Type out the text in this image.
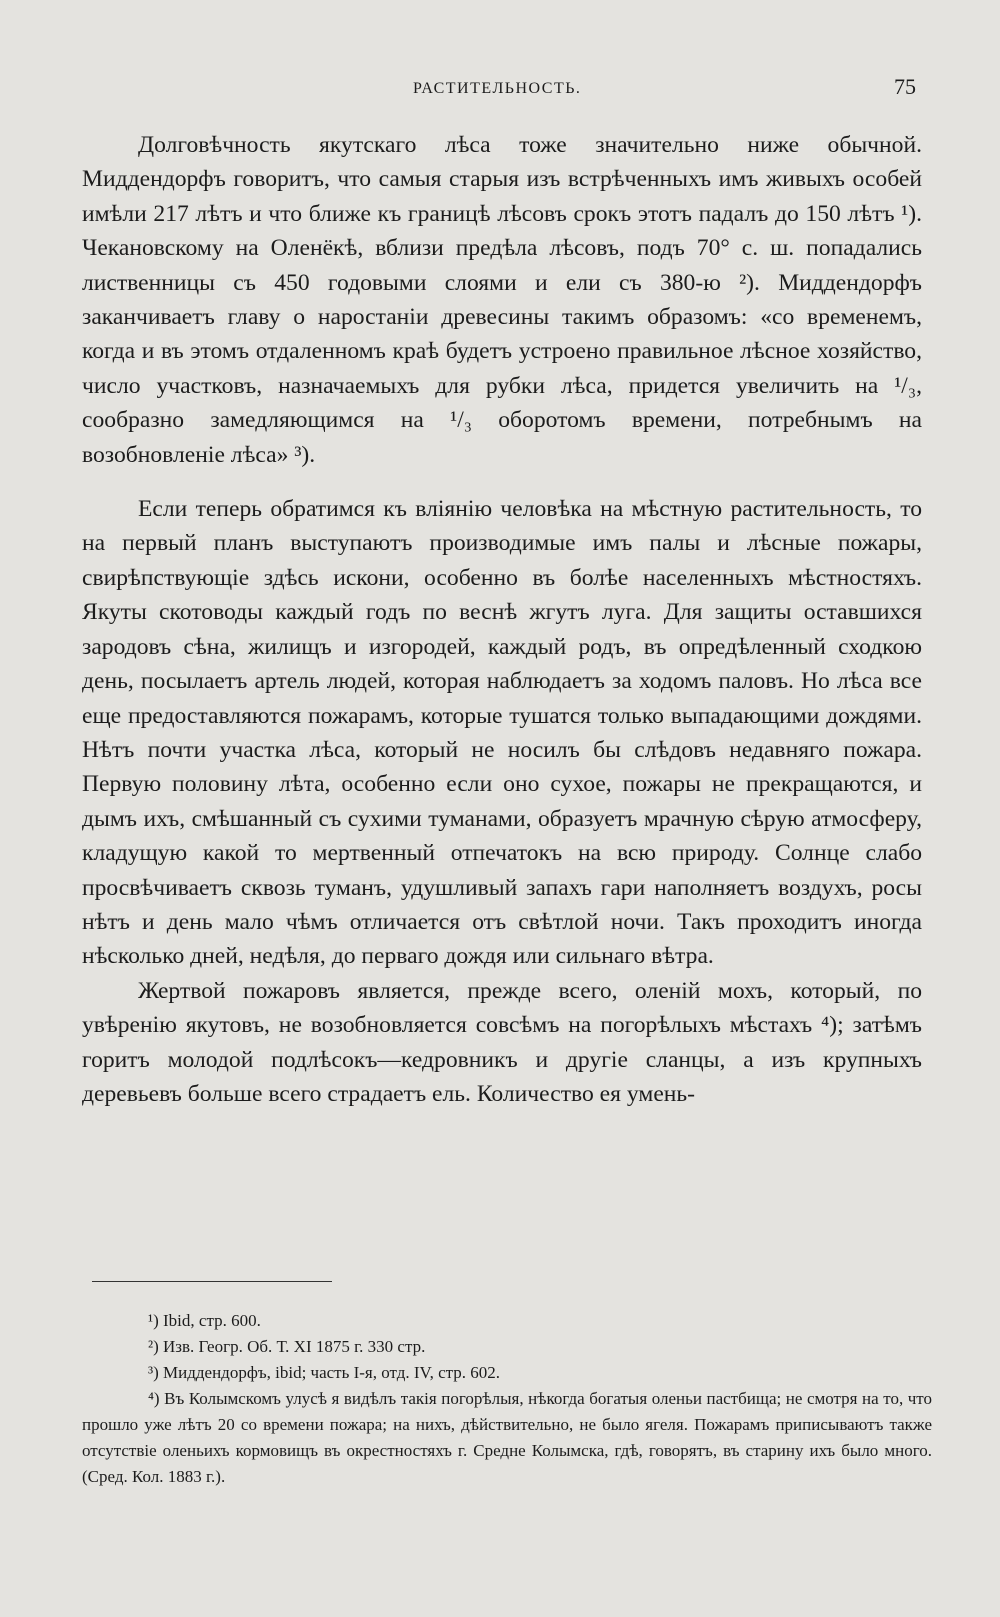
РАСТИТЕЛЬНОСТЬ.	75

Долговѣчность якутскаго лѣса тоже значительно ниже обычной. Миддендорфъ говоритъ, что самыя старыя изъ встрѣченныхъ имъ живыхъ особей имѣли 217 лѣтъ и что ближе къ границѣ лѣсовъ срокъ этотъ падалъ до 150 лѣтъ ¹). Чекановскому на Оленёкѣ, вблизи предѣла лѣсовъ, подъ 70° с. ш. попадались лиственницы съ 450 годовыми слоями и ели съ 380-ю ²). Миддендорфъ заканчиваетъ главу о наростаніи древесины такимъ образомъ: «со временемъ, когда и въ этомъ отдаленномъ краѣ будетъ устроено правильное лѣсное хозяйство, число участковъ, назначаемыхъ для рубки лѣса, придется увеличить на ¹/₃, сообразно замедляющимся на ¹/₃ оборотомъ времени, потребнымъ на возобновленіе лѣса» ³).

Если теперь обратимся къ вліянію человѣка на мѣстную растительность, то на первый планъ выступаютъ производимые имъ палы и лѣсные пожары, свирѣпствующіе здѣсь искони, особенно въ болѣе населенныхъ мѣстностяхъ. Якуты скотоводы каждый годъ по веснѣ жгутъ луга. Для защиты оставшихся зародовъ сѣна, жилищъ и изгородей, каждый родъ, въ опредѣленный сходкою день, посылаетъ артель людей, которая наблюдаетъ за ходомъ паловъ. Но лѣса все еще предоставляются пожарамъ, которые тушатся только выпадающими дождями. Нѣтъ почти участка лѣса, который не носилъ бы слѣдовъ недавняго пожара. Первую половину лѣта, особенно если оно сухое, пожары не прекращаются, и дымъ ихъ, смѣшанный съ сухими туманами, образуетъ мрачную сѣрую атмосферу, кладущую какой то мертвенный отпечатокъ на всю природу. Солнце слабо просвѣчиваетъ сквозь туманъ, удушливый запахъ гари наполняетъ воздухъ, росы нѣтъ и день мало чѣмъ отличается отъ свѣтлой ночи. Такъ проходитъ иногда нѣсколько дней, недѣля, до перваго дождя или сильнаго вѣтра.

Жертвой пожаровъ является, прежде всего, оленій мохъ, который, по увѣренію якутовъ, не возобновляется совсѣмъ на погорѣлыхъ мѣстахъ ⁴); затѣмъ горитъ молодой подлѣсокъ—кедровникъ и другіе сланцы, а изъ крупныхъ деревьевъ больше всего страдаетъ ель. Количество ея умень-

¹) Ibid, стр. 600.

²) Изв. Геогр. Об. Т. XI 1875 г. 330 стр.

³) Миддендорфъ, ibid; часть I-я, отд. IV, стр. 602.

⁴) Въ Колымскомъ улусѣ я видѣлъ такія погорѣлыя, нѣкогда богатыя оленьи пастбища; не смотря на то, что прошло уже лѣтъ 20 со времени пожара; на нихъ, дѣйствительно, не было ягеля. Пожарамъ приписываютъ также отсутствіе оленьихъ кормовищъ въ окрестностяхъ г. Средне Колымска, гдѣ, говорятъ, въ старину ихъ было много. (Сред. Кол. 1883 г.).
